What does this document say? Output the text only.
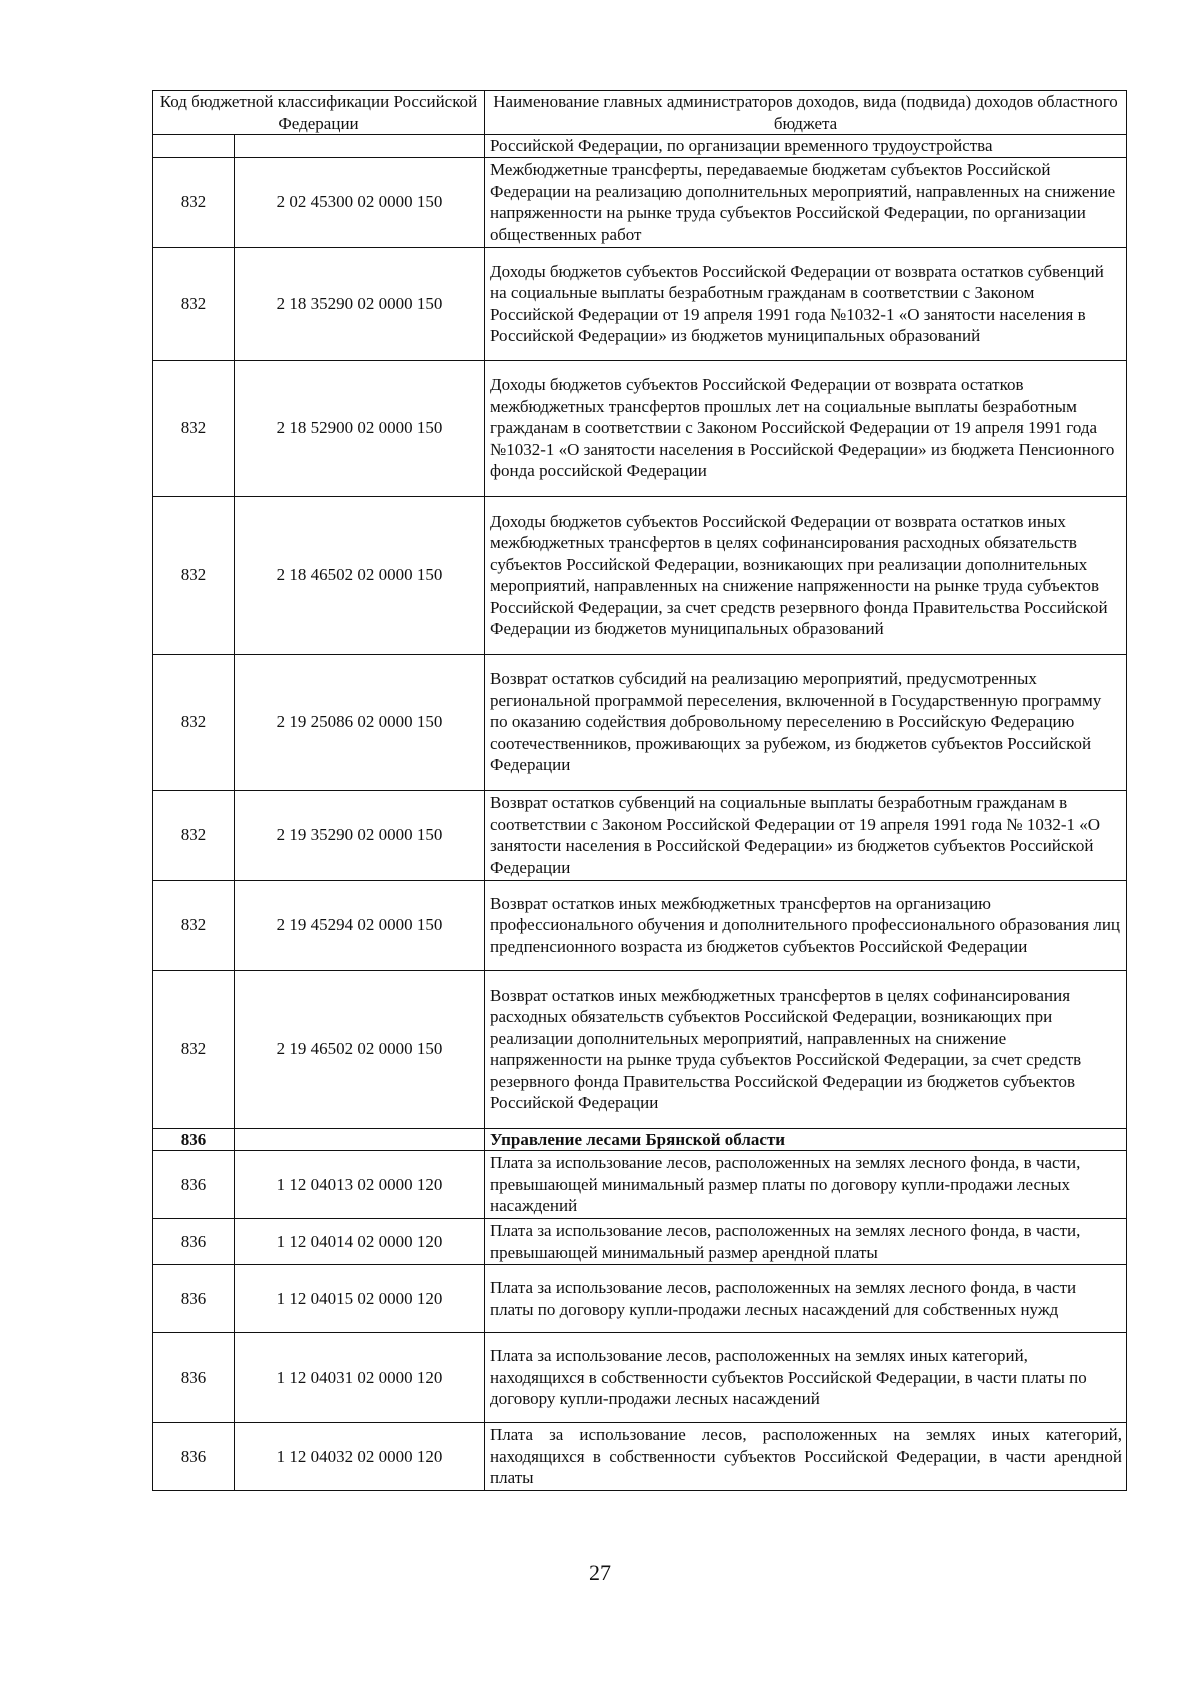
Код бюджетной классификации Российской Федерации		Наименование главных администраторов доходов, вида (подвида) доходов областного бюджета
		Российской Федерации, по организации временного трудоустройства
832	2 02 45300 02 0000 150	Межбюджетные трансферты, передаваемые бюджетам субъектов Российской Федерации на реализацию дополнительных мероприятий, направленных на снижение напряженности на рынке труда субъектов Российской Федерации, по организации общественных работ
832	2 18 35290 02 0000 150	Доходы бюджетов субъектов Российской Федерации от возврата остатков субвенций на социальные выплаты безработным гражданам в соответствии с Законом Российской Федерации от 19 апреля 1991 года №1032-1 «О занятости населения в Российской Федерации» из бюджетов муниципальных образований
832	2 18 52900 02 0000 150	Доходы бюджетов субъектов Российской Федерации от возврата остатков межбюджетных трансфертов прошлых лет на социальные выплаты безработным гражданам в соответствии с Законом Российской Федерации от 19 апреля 1991 года №1032-1 «О занятости населения в Российской Федерации» из бюджета Пенсионного фонда российской Федерации
832	2 18 46502 02 0000 150	Доходы бюджетов субъектов Российской Федерации от возврата остатков иных межбюджетных трансфертов в целях софинансирования расходных обязательств субъектов Российской Федерации, возникающих при реализации дополнительных мероприятий, направленных на снижение напряженности на рынке труда субъектов Российской Федерации, за счет средств резервного фонда Правительства Российской Федерации из бюджетов муниципальных образований
832	2 19 25086 02 0000 150	Возврат остатков субсидий на реализацию мероприятий, предусмотренных региональной программой переселения, включенной в Государственную программу по оказанию содействия добровольному переселению в Российскую Федерацию соотечественников, проживающих за рубежом, из бюджетов субъектов Российской Федерации
832	2 19 35290 02 0000 150	Возврат остатков субвенций на социальные выплаты безработным гражданам в соответствии с Законом Российской Федерации от 19 апреля 1991 года № 1032-1 «О занятости населения в Российской Федерации» из бюджетов субъектов Российской Федерации
832	2 19 45294 02 0000 150	Возврат остатков иных межбюджетных трансфертов на организацию профессионального обучения и дополнительного профессионального образования лиц предпенсионного возраста из бюджетов субъектов Российской Федерации
832	2 19 46502 02 0000 150	Возврат остатков иных межбюджетных трансфертов в целях софинансирования расходных обязательств субъектов Российской Федерации, возникающих при реализации дополнительных мероприятий, направленных на снижение напряженности на рынке труда субъектов Российской Федерации, за счет средств резервного фонда Правительства Российской Федерации из бюджетов субъектов Российской Федерации
836		Управление лесами Брянской области
836	1 12 04013 02 0000 120	Плата за использование лесов, расположенных на землях лесного фонда, в части, превышающей минимальный размер платы по договору купли-продажи лесных насаждений
836	1 12 04014 02 0000 120	Плата за использование лесов, расположенных на землях лесного фонда, в части, превышающей минимальный размер арендной платы
836	1 12 04015 02 0000 120	Плата за использование лесов, расположенных на землях лесного фонда, в части платы по договору купли-продажи лесных насаждений для собственных нужд
836	1 12 04031 02 0000 120	Плата за использование лесов, расположенных на землях иных категорий, находящихся в собственности субъектов Российской Федерации, в части платы по договору купли-продажи лесных насаждений
836	1 12 04032 02 0000 120	Плата за использование лесов, расположенных на землях иных категорий, находящихся в собственности субъектов Российской Федерации, в части арендной платы
27
